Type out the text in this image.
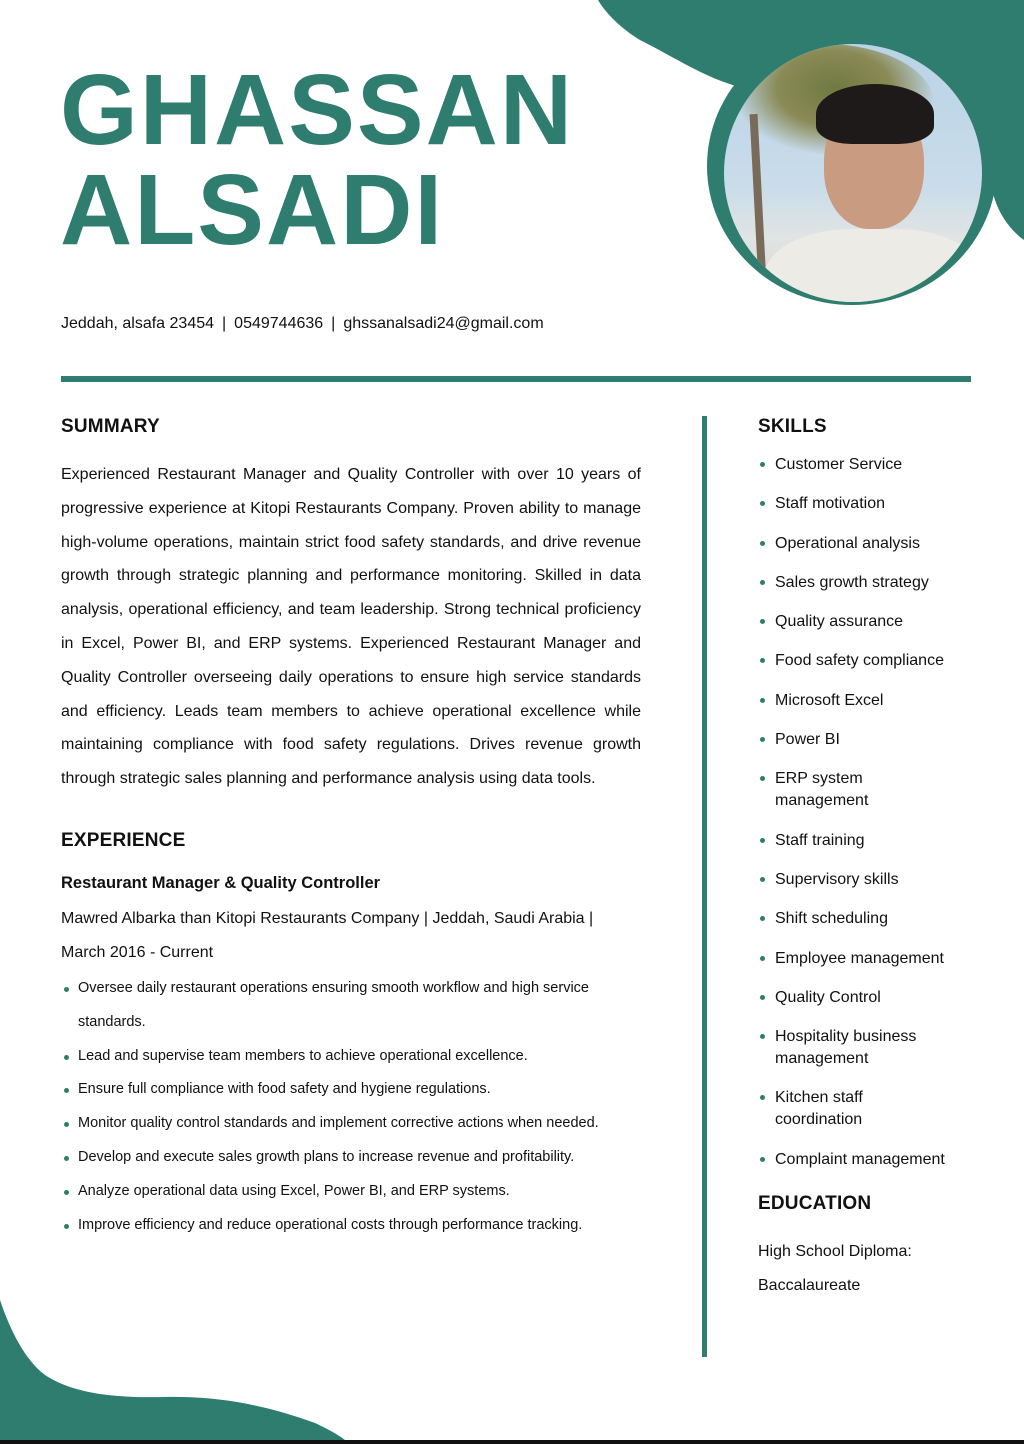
GHASSAN
ALSADI
Jeddah, alsafa 23454 | 0549744636 | ghssanalsadi24@gmail.com
SUMMARY

Experienced Restaurant Manager and Quality Controller with over 10 years of progressive experience at Kitopi Restaurants Company. Proven ability to manage high-volume operations, maintain strict food safety standards, and drive revenue growth through strategic planning and performance monitoring. Skilled in data analysis, operational efficiency, and team leadership. Strong technical proficiency in Excel, Power BI, and ERP systems. Experienced Restaurant Manager and Quality Controller overseeing daily operations to ensure high service standards and efficiency. Leads team members to achieve operational excellence while maintaining compliance with food safety regulations. Drives revenue growth through strategic sales planning and performance analysis using data tools.

EXPERIENCE
Restaurant Manager & Quality Controller
Mawred Albarka than Kitopi Restaurants Company | Jeddah, Saudi Arabia | March 2016 - Current
Oversee daily restaurant operations ensuring smooth workflow and high service standards.
Lead and supervise team members to achieve operational excellence.
Ensure full compliance with food safety and hygiene regulations.
Monitor quality control standards and implement corrective actions when needed.
Develop and execute sales growth plans to increase revenue and profitability.
Analyze operational data using Excel, Power BI, and ERP systems.
Improve efficiency and reduce operational costs through performance tracking.
SKILLS
Customer Service
Staff motivation
Operational analysis
Sales growth strategy
Quality assurance
Food safety compliance
Microsoft Excel
Power BI
ERP system management
Staff training
Supervisory skills
Shift scheduling
Employee management
Quality Control
Hospitality business management
Kitchen staff coordination
Complaint management
EDUCATION
High School Diploma: Baccalaureate
